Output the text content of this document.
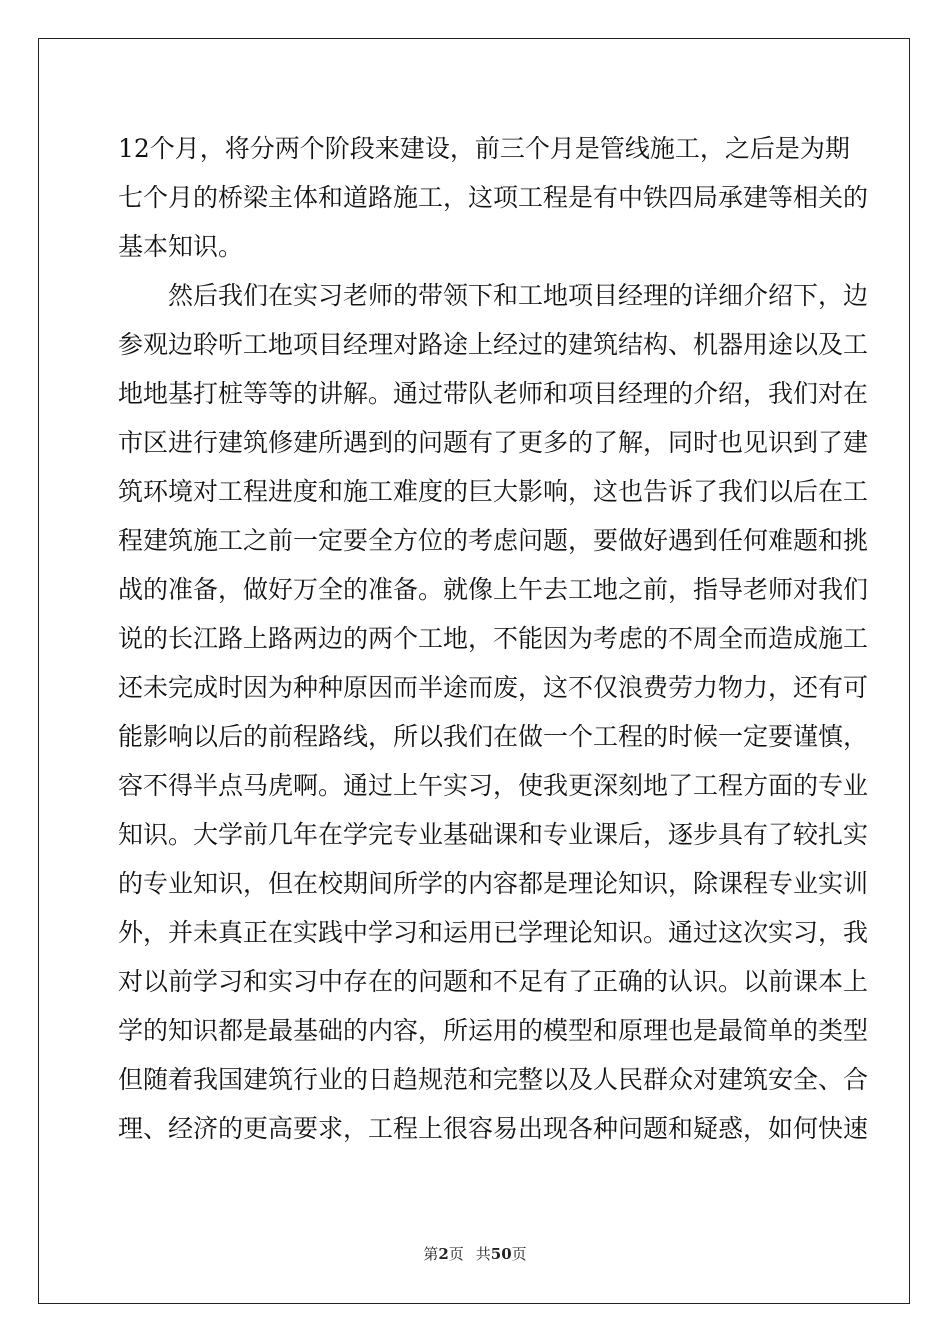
12个月，将分两个阶段来建设，前三个月是管线施工，之后是为期
七个月的桥梁主体和道路施工，这项工程是有中铁四局承建等相关的
基本知识。
然后我们在实习老师的带领下和工地项目经理的详细介绍下，边
参观边聆听工地项目经理对路途上经过的建筑结构、机器用途以及工
地地基打桩等等的讲解。通过带队老师和项目经理的介绍，我们对在
市区进行建筑修建所遇到的问题有了更多的了解，同时也见识到了建
筑环境对工程进度和施工难度的巨大影响，这也告诉了我们以后在工
程建筑施工之前一定要全方位的考虑问题，要做好遇到任何难题和挑
战的准备，做好万全的准备。就像上午去工地之前，指导老师对我们
说的长江路上路两边的两个工地，不能因为考虑的不周全而造成施工
还未完成时因为种种原因而半途而废，这不仅浪费劳力物力，还有可
能影响以后的前程路线，所以我们在做一个工程的时候一定要谨慎，
容不得半点马虎啊。通过上午实习，使我更深刻地了工程方面的专业
知识。大学前几年在学完专业基础课和专业课后，逐步具有了较扎实
的专业知识，但在校期间所学的内容都是理论知识，除课程专业实训
外，并未真正在实践中学习和运用已学理论知识。通过这次实习，我
对以前学习和实习中存在的问题和不足有了正确的认识。以前课本上
学的知识都是最基础的内容，所运用的模型和原理也是最简单的类型
但随着我国建筑行业的日趋规范和完整以及人民群众对建筑安全、合
理、经济的更高要求，工程上很容易出现各种问题和疑惑，如何快速
第2页 共50页
